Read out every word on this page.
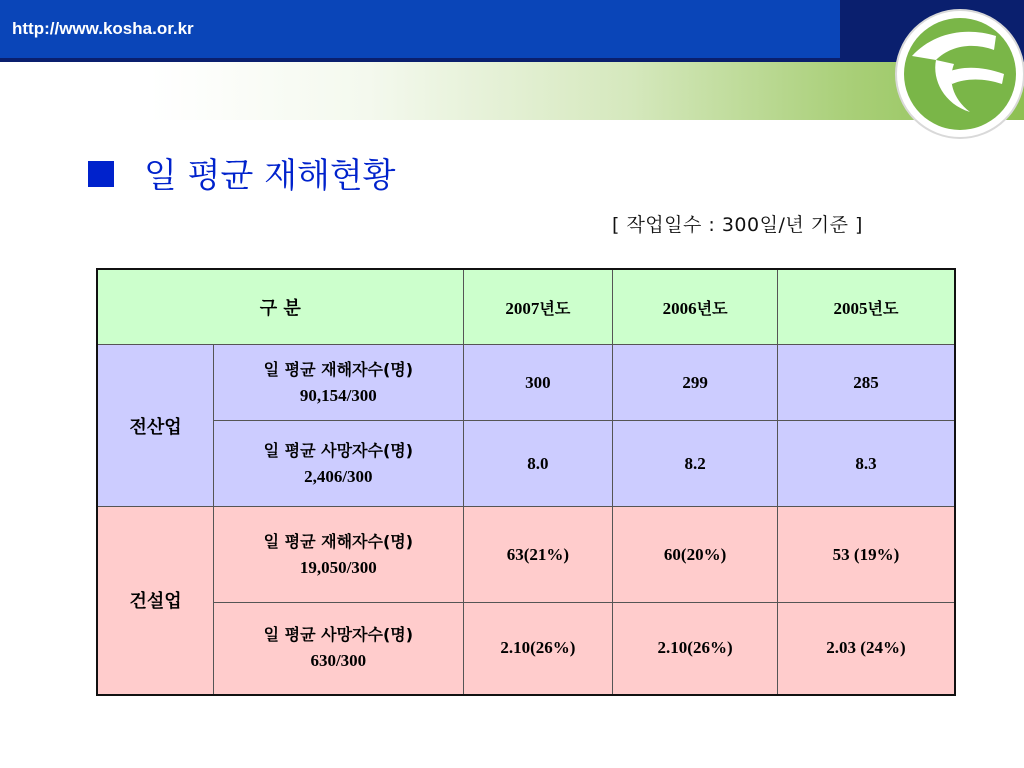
http://www.kosha.or.kr
일 평균 재해현황
[ 작업일수 : 300일/년 기준 ]
구 분		2007년도	2006년도	2005년도
전산업	일 평균 재해자수(명)
90,154/300	300	299	285

	일 평균 사망자수(명)
2,406/300	8.0	8.2	8.3
건설업	일 평균 재해자수(명)
19,050/300	63(21%)	60(20%)	53 (19%)

	일 평균 사망자수(명)
630/300	2.10(26%)	2.10(26%)	2.03 (24%)
